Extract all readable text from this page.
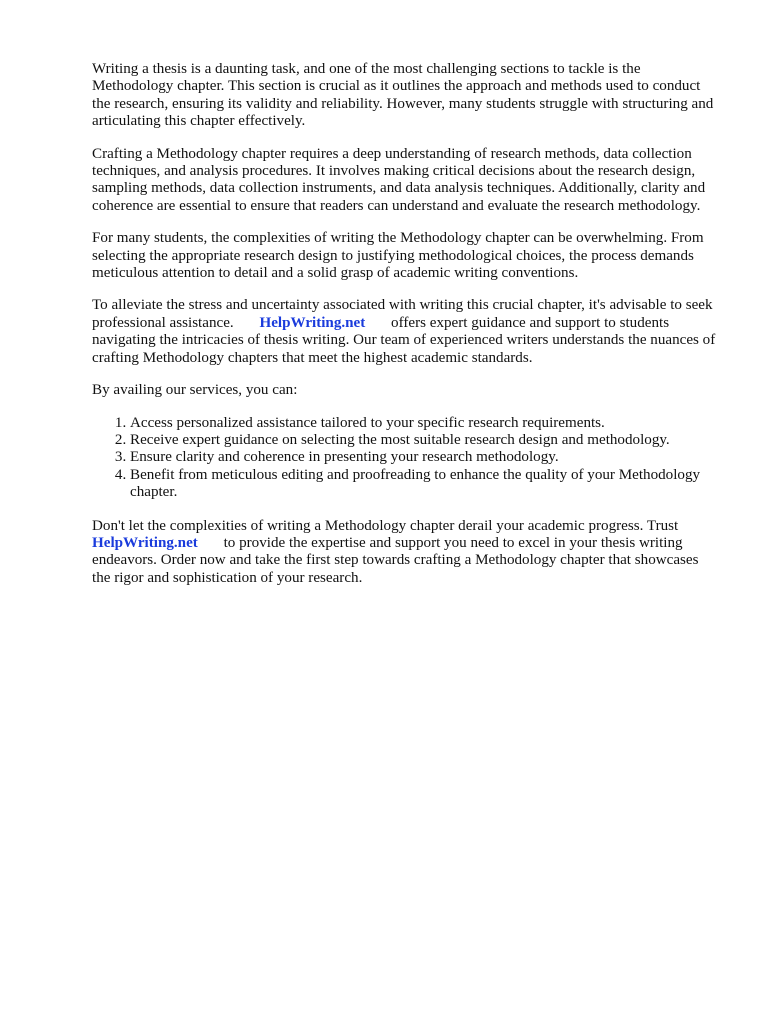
Writing a thesis is a daunting task, and one of the most challenging sections to tackle is the Methodology chapter. This section is crucial as it outlines the approach and methods used to conduct the research, ensuring its validity and reliability. However, many students struggle with structuring and articulating this chapter effectively.

Crafting a Methodology chapter requires a deep understanding of research methods, data collection techniques, and analysis procedures. It involves making critical decisions about the research design, sampling methods, data collection instruments, and data analysis techniques. Additionally, clarity and coherence are essential to ensure that readers can understand and evaluate the research methodology.

For many students, the complexities of writing the Methodology chapter can be overwhelming. From selecting the appropriate research design to justifying methodological choices, the process demands meticulous attention to detail and a solid grasp of academic writing conventions.

To alleviate the stress and uncertainty associated with writing this crucial chapter, it's advisable to seek professional assistance. HelpWriting.net offers expert guidance and support to students navigating the intricacies of thesis writing. Our team of experienced writers understands the nuances of crafting Methodology chapters that meet the highest academic standards.

By availing our services, you can:

1. Access personalized assistance tailored to your specific research requirements.
2. Receive expert guidance on selecting the most suitable research design and methodology.
3. Ensure clarity and coherence in presenting your research methodology.
4. Benefit from meticulous editing and proofreading to enhance the quality of your Methodology chapter.

Don't let the complexities of writing a Methodology chapter derail your academic progress. Trust HelpWriting.net to provide the expertise and support you need to excel in your thesis writing endeavors. Order now and take the first step towards crafting a Methodology chapter that showcases the rigor and sophistication of your research.
